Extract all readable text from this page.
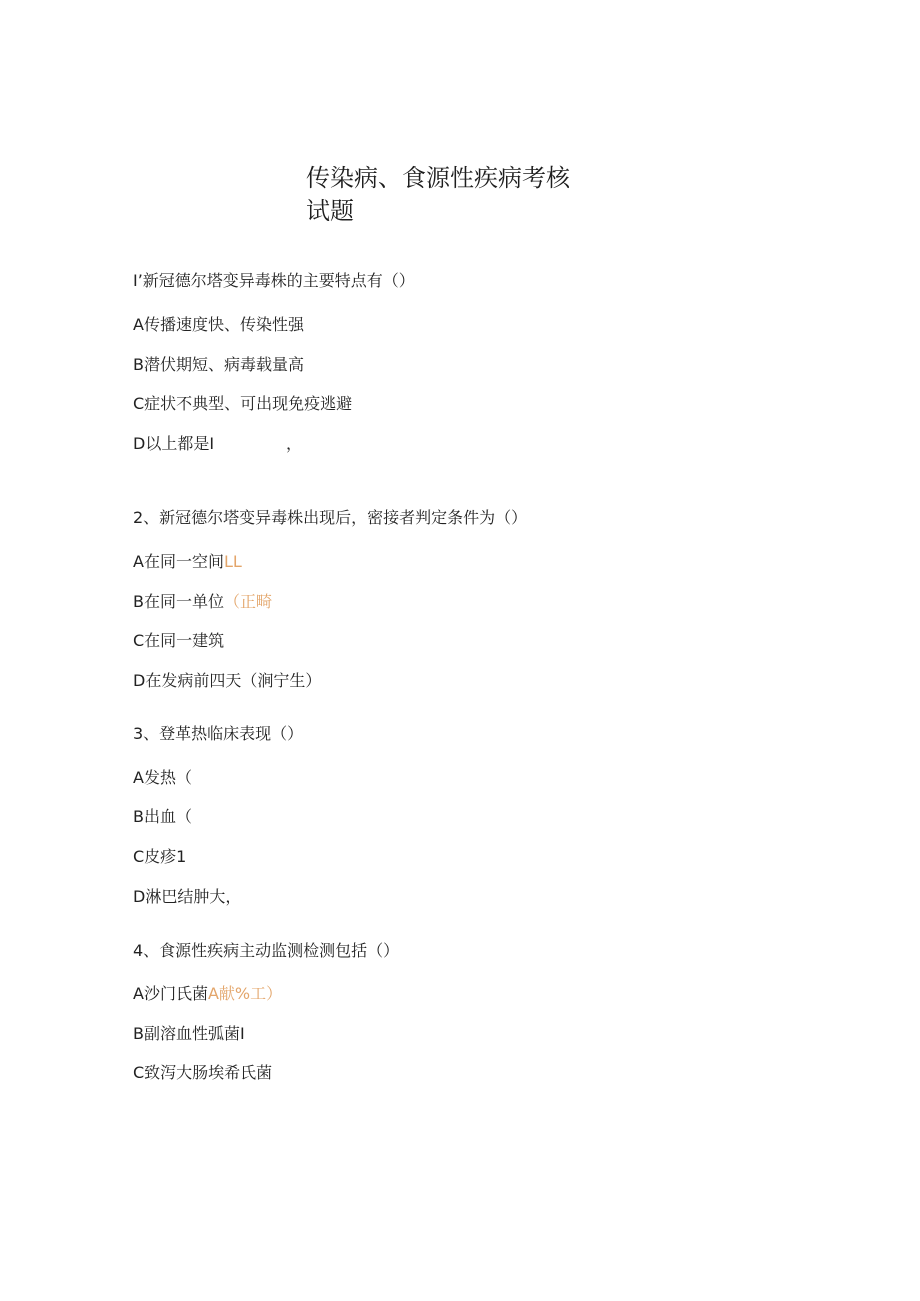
传染病、食源性疾病考核
试题
I’新冠德尔塔变异毒株的主要特点有（）
A传播速度快、传染性强
B潜伏期短、病毒载量高
C症状不典型、可出现免疫逃避
D以上都是I	，
2、新冠德尔塔变异毒株出现后，密接者判定条件为（）
A在同一空间LL
B在同一单位（正畸
C在同一建筑
D在发病前四天（涧宁生）
3、登革热临床表现（）
A发热（
B出血（
C皮疹1
D淋巴结肿大，
4、食源性疾病主动监测检测包括（）
A沙门氏菌A献%工）
B副溶血性弧菌I
C致泻大肠埃希氏菌
